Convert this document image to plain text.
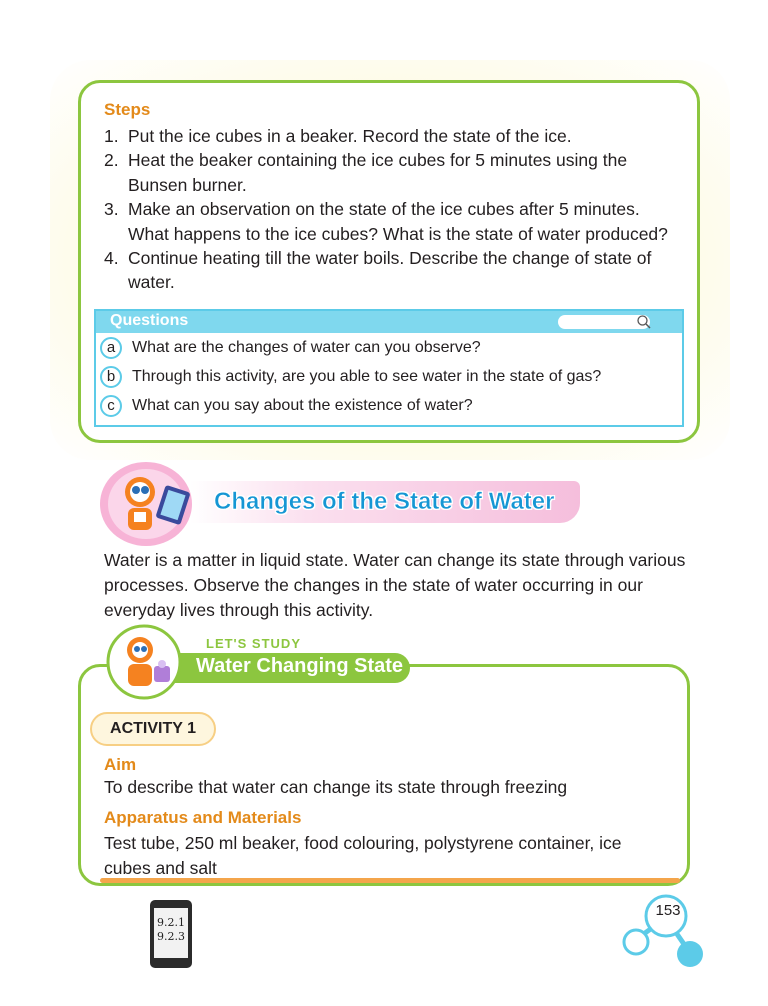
Steps
1. Put the ice cubes in a beaker. Record the state of the ice.
2. Heat the beaker containing the ice cubes for 5 minutes using the Bunsen burner.
3. Make an observation on the state of the ice cubes after 5 minutes. What happens to the ice cubes? What is the state of water produced?
4. Continue heating till the water boils. Describe the change of state of water.
Questions
a	What are the changes of water can you observe?
b	Through this activity, are you able to see water in the state of gas?
c	What can you say about the existence of water?
Changes of the State of Water
Water is a matter in liquid state. Water can change its state through various processes. Observe the changes in the state of water occurring in our everyday lives through this activity.
LET'S STUDY
Water Changing State
ACTIVITY 1
Aim
To describe that water can change its state through freezing
Apparatus and Materials
Test tube, 250 ml beaker, food colouring, polystyrene container, ice cubes and salt
9.2.1
9.2.3
153
